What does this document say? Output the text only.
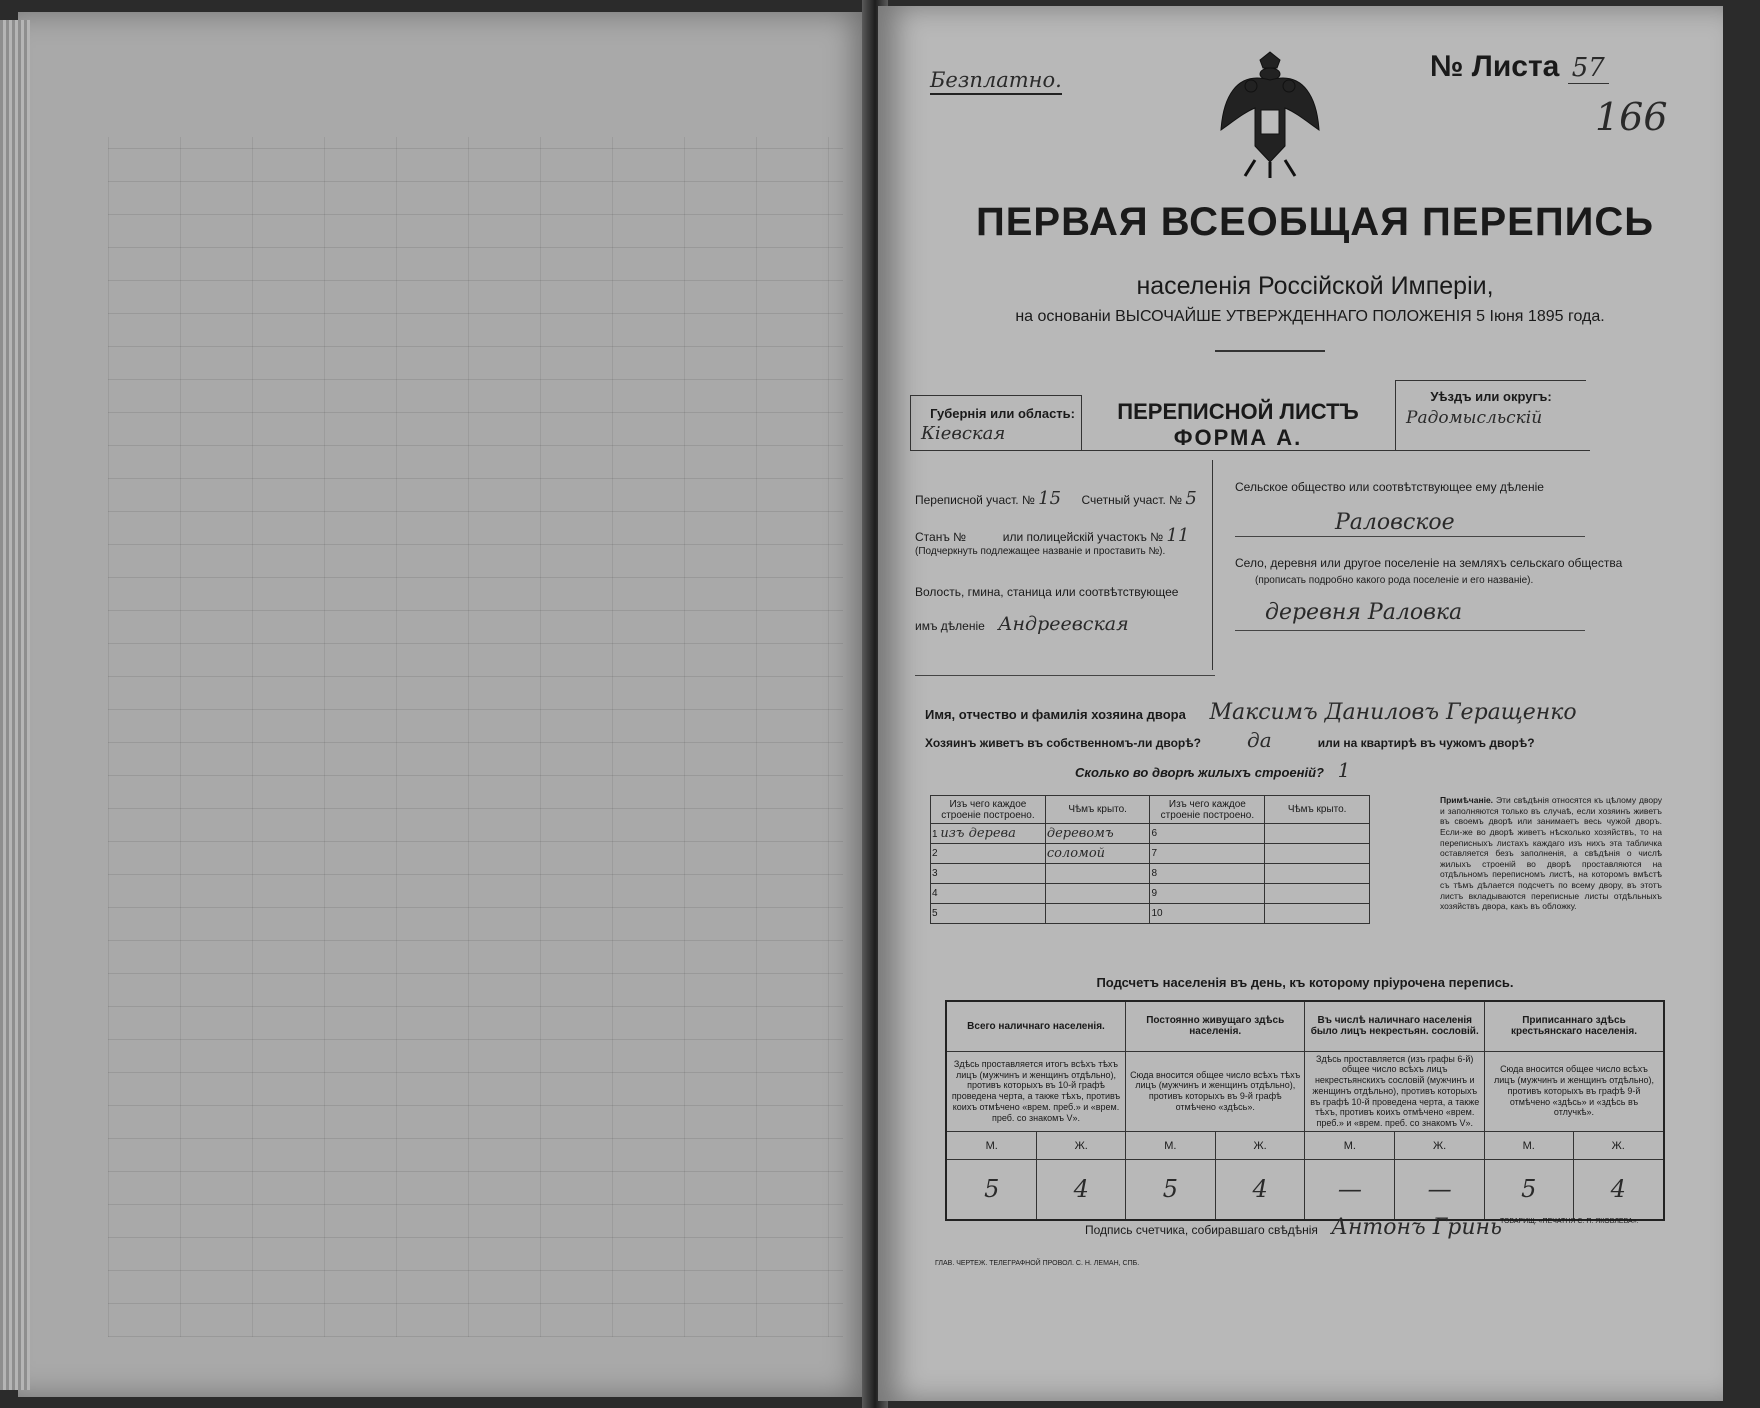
Безплатно.	№ Листа 57
166
ПЕРВАЯ ВСЕОБЩАЯ ПЕРЕПИСЬ
населенія Россійской Имперіи,
на основаніи ВЫСОЧАЙШЕ УТВЕРЖДЕННАГО ПОЛОЖЕНІЯ 5 Іюня 1895 года.
Губернія или область:
Кіевская
ПЕРЕПИСНОЙ ЛИСТЪ
ФОРМА А.
Уѣздъ или округъ:
Радомысльскій
Переписной участ. № 15 Счетный участ. № 5
Станъ №	или полицейскій участокъ № 11
(Подчеркнуть подлежащее названіе и проставить №).
Волость, гмина, станица или соотвѣтствующее
имъ дѣленіе Андреевская
Сельское общество или соотвѣтствующее ему дѣленіе
Раловское
Село, деревня или другое поселеніе на земляхъ сельскаго общества
(прописать подробно какого рода поселеніе и его названіе).
деревня Раловка
Имя, отчество и фамилія хозяина двора Максимъ Даниловъ Геращенко
Хозяинъ живетъ въ собственномъ-ли дворѣ? да	или на квартирѣ въ чужомъ дворѣ?
Сколько во дворѣ жилыхъ строеній? 1
Изъ чего каждое строеніе построено.	Чѣмъ крыто.	Изъ чего каждое строеніе построено.	Чѣмъ крыто.
1 изъ дерева	деревомъ	6	
2	соломой	7	
3		8	
4		9	
5		10	
Примѣчаніе. Эти свѣдѣнія относятся къ цѣлому двору и заполняются только въ случаѣ, если хозяинъ живетъ въ своемъ дворѣ или занимаетъ весь чужой дворъ. Если-же во дворѣ живетъ нѣсколько хозяйствъ, то на переписныхъ листахъ каждаго изъ нихъ эта табличка оставляется безъ заполненія, а свѣдѣнія о числѣ жилыхъ строеній во дворѣ проставляются на отдѣльномъ переписномъ листѣ, на которомъ вмѣстѣ съ тѣмъ дѣлается подсчетъ по всему двору, въ этотъ листъ вкладываются переписные листы отдѣльныхъ хозяйствъ двора, какъ въ обложку.
Подсчетъ населенія въ день, къ которому пріурочена перепись.
Всего наличнаго населенія.		Постоянно живущаго здѣсь населенія.		Въ числѣ наличнаго населенія было лицъ некрестьян. сословій.		Приписаннаго здѣсь крестьянскаго населенія.	
Здѣсь проставляется итогъ всѣхъ тѣхъ лицъ (мужчинъ и женщинъ отдѣльно), противъ которыхъ въ 10-й графѣ проведена черта, а также тѣхъ, противъ коихъ отмѣчено «врем. преб.» и «врем. преб. со знакомъ V».		Сюда вносится общее число всѣхъ тѣхъ лицъ (мужчинъ и женщинъ отдѣльно), противъ которыхъ въ 9-й графѣ отмѣчено «здѣсь».		Здѣсь проставляется (изъ графы 6-й) общее число всѣхъ лицъ некрестьянскихъ сословій (мужчинъ и женщинъ отдѣльно), противъ которыхъ въ графѣ 10-й проведена черта, а также тѣхъ, противъ коихъ отмѣчено «врем. преб.» и «врем. преб. со знакомъ V».		Сюда вносится общее число всѣхъ лицъ (мужчинъ и женщинъ отдѣльно), противъ которыхъ въ графѣ 9-й отмѣчено «здѣсь» и «здѣсь въ отлучкѣ».	
М.	Ж.	М.	Ж.	М.	Ж.	М.	Ж.
5	4	5	4	—	—	5	4
Подпись счетчика, собиравшаго свѣдѣнія Антонъ Гринь
ГЛАВ. ЧЕРТЕЖ. ТЕЛЕГРАФНОЙ ПРОВОЛ. С. Н. ЛЕМАН, СПБ.
ТОВАРИЩ. «ПЕЧАТНЯ С. П. ЯКОВЛЕВА».
